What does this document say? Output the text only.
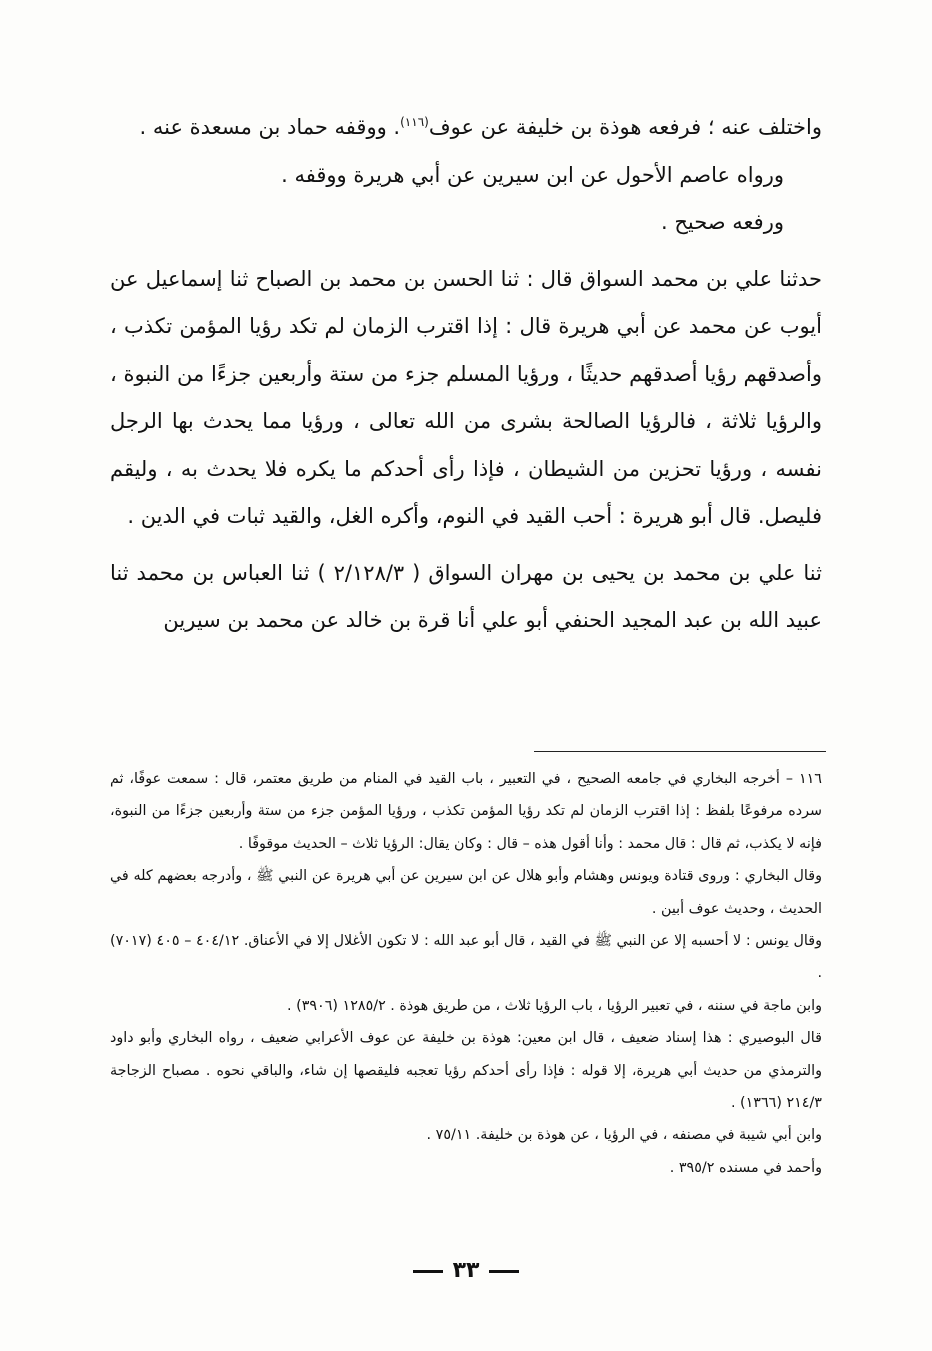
واختلف عنه ؛ فرفعه هوذة بن خليفة عن عوف$^{(١١٦)}$. ووقفه حماد بن مسعدة عنه .

ورواه عاصم الأحول عن ابن سيرين عن أبي هريرة ووقفه .

ورفعه صحيح .

حدثنا علي بن محمد السواق قال : ثنا الحسن بن محمد بن الصباح ثنا إسماعيل عن أيوب عن محمد عن أبي هريرة قال : إذا اقترب الزمان لم تكد رؤيا المؤمن تكذب ، وأصدقهم رؤيا أصدقهم حديثًا ، ورؤيا المسلم جزء من ستة وأربعين جزءًا من النبوة ، والرؤيا ثلاثة ، فالرؤيا الصالحة بشرى من الله تعالى ، ورؤيا مما يحدث بها الرجل نفسه ، ورؤيا تحزين من الشيطان ، فإذا رأى أحدكم ما يكره فلا يحدث به ، وليقم فليصل. قال أبو هريرة : أحب القيد في النوم، وأكره الغل، والقيد ثبات في الدين .

ثنا علي بن محمد بن يحيى بن مهران السواق ( ٢/١٢٨/٣ ) ثنا العباس بن محمد ثنا عبيد الله بن عبد المجيد الحنفي أبو علي أنا قرة بن خالد عن محمد بن سيرين

١١٦ –أخرجه البخاري في جامعه الصحيح ، في التعبير ، باب القيد في المنام من طريق معتمر، قال : سمعت عوفًا، ثم سرده مرفوعًا بلفظ : إذا اقترب الزمان لم تكد رؤيا المؤمن تكذب ، ورؤيا المؤمن جزء من ستة وأربعين جزءًا من النبوة، فإنه لا يكذب، ثم قال : قال محمد : وأنا أقول هذه – قال : وكان يقال: الرؤيا ثلاث – الحديث موقوفًا .

وقال البخاري : وروى قتادة ويونس وهشام وأبو هلال عن ابن سيرين عن أبي هريرة عن النبي ﷺ ، وأدرجه بعضهم كله في الحديث ، وحديث عوف أبين .

وقال يونس : لا أحسبه إلا عن النبي ﷺ في القيد ، قال أبو عبد الله : لا تكون الأغلال إلا في الأعناق. ٤٠٤/١٢ – ٤٠٥ (٧٠١٧) .

وابن ماجة في سننه ، في تعبير الرؤيا ، باب الرؤيا ثلاث ، من طريق هوذة . ١٢٨٥/٢ (٣٩٠٦) .

قال البوصيري : هذا إسناد ضعيف ، قال ابن معين: هوذة بن خليفة عن عوف الأعرابي ضعيف ، رواه البخاري وأبو داود والترمذي من حديث أبي هريرة، إلا قوله : فإذا رأى أحدكم رؤيا تعجبه فليقصها إن شاء، والباقي نحوه . مصباح الزجاجة ٢١٤/٣ (١٣٦٦) .

وابن أبي شيبة في مصنفه ، في الرؤيا ، عن هوذة بن خليفة. ٧٥/١١ .

وأحمد في مسنده ٣٩٥/٢ .

٣٣
